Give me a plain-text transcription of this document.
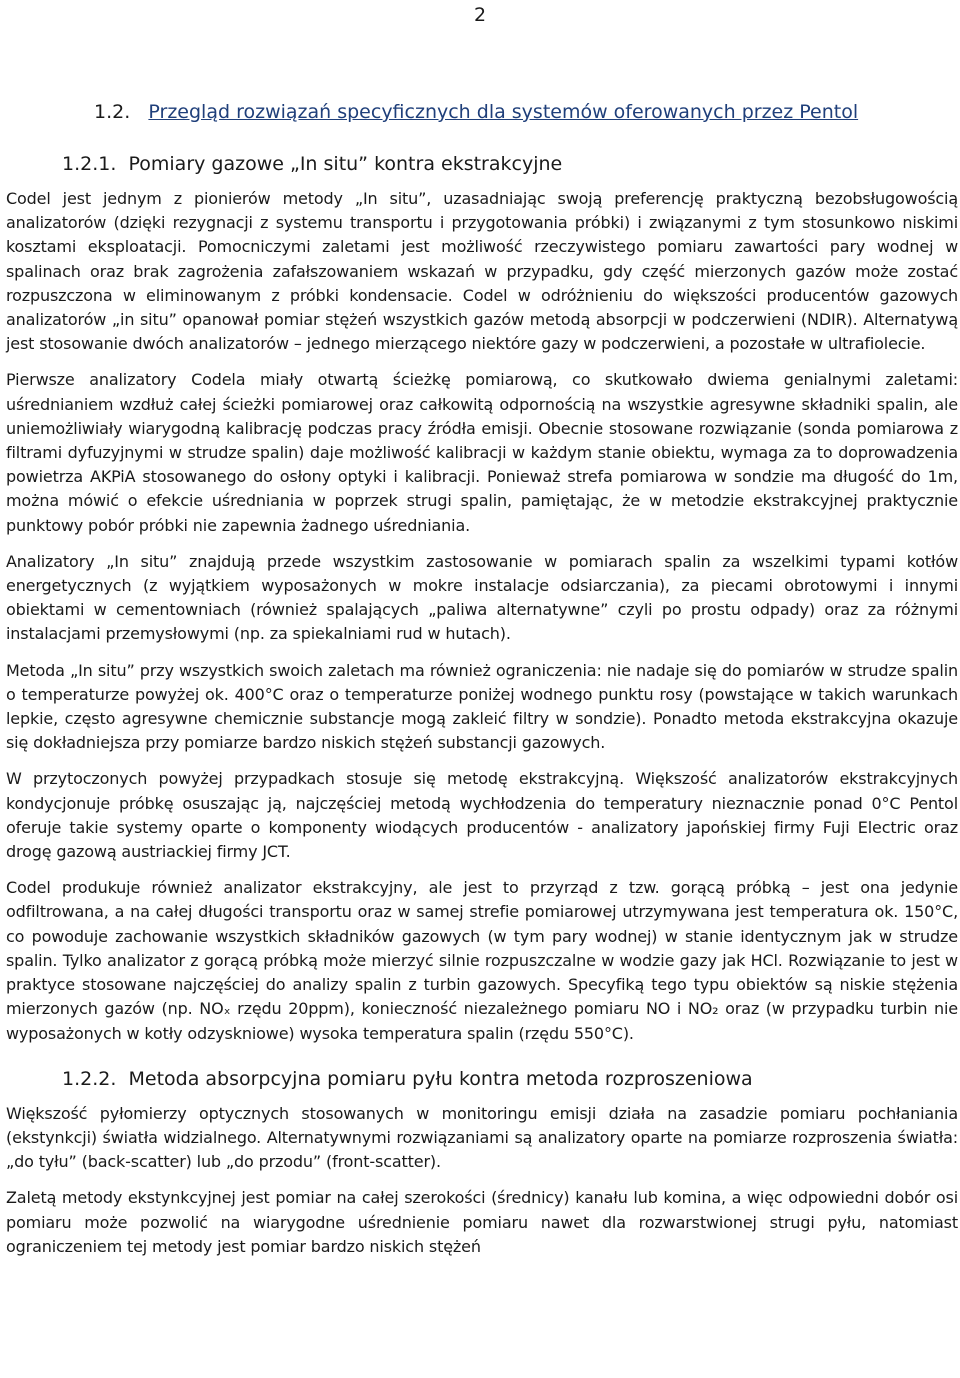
2
1.2. Przegląd rozwiązań specyficznych dla systemów oferowanych przez Pentol
1.2.1. Pomiary gazowe „In situ” kontra ekstrakcyjne

Codel jest jednym z pionierów metody „In situ”, uzasadniając swoją preferencję praktyczną bezobsługowością analizatorów (dzięki rezygnacji z systemu transportu i przygotowania próbki) i związanymi z tym stosunkowo niskimi kosztami eksploatacji. Pomocniczymi zaletami jest możliwość rzeczywistego pomiaru zawartości pary wodnej w spalinach oraz brak zagrożenia zafałszowaniem wskazań w przypadku, gdy część mierzonych gazów może zostać rozpuszczona w eliminowanym z próbki kondensacie. Codel w odróżnieniu do większości producentów gazowych analizatorów „in situ” opanował pomiar stężeń wszystkich gazów metodą absorpcji w podczerwieni (NDIR). Alternatywą jest stosowanie dwóch analizatorów – jednego mierzącego niektóre gazy w podczerwieni, a pozostałe w ultrafiolecie.

Pierwsze analizatory Codela miały otwartą ścieżkę pomiarową, co skutkowało dwiema genialnymi zaletami: uśrednianiem wzdłuż całej ścieżki pomiarowej oraz całkowitą odpornością na wszystkie agresywne składniki spalin, ale uniemożliwiały wiarygodną kalibrację podczas pracy źródła emisji. Obecnie stosowane rozwiązanie (sonda pomiarowa z filtrami dyfuzyjnymi w strudze spalin) daje możliwość kalibracji w każdym stanie obiektu, wymaga za to doprowadzenia powietrza AKPiA stosowanego do osłony optyki i kalibracji. Ponieważ strefa pomiarowa w sondzie ma długość do 1m, można mówić o efekcie uśredniania w poprzek strugi spalin, pamiętając, że w metodzie ekstrakcyjnej praktycznie punktowy pobór próbki nie zapewnia żadnego uśredniania.

Analizatory „In situ” znajdują przede wszystkim zastosowanie w pomiarach spalin za wszelkimi typami kotłów energetycznych (z wyjątkiem wyposażonych w mokre instalacje odsiarczania), za piecami obrotowymi i innymi obiektami w cementowniach (również spalających „paliwa alternatywne” czyli po prostu odpady) oraz za różnymi instalacjami przemysłowymi (np. za spiekalniami rud w hutach).

Metoda „In situ” przy wszystkich swoich zaletach ma również ograniczenia: nie nadaje się do pomiarów w strudze spalin o temperaturze powyżej ok. 400°C oraz o temperaturze poniżej wodnego punktu rosy (powstające w takich warunkach lepkie, często agresywne chemicznie substancje mogą zakleić filtry w sondzie). Ponadto metoda ekstrakcyjna okazuje się dokładniejsza przy pomiarze bardzo niskich stężeń substancji gazowych.

W przytoczonych powyżej przypadkach stosuje się metodę ekstrakcyjną. Większość analizatorów ekstrakcyjnych kondycjonuje próbkę osuszając ją, najczęściej metodą wychłodzenia do temperatury nieznacznie ponad 0°C Pentol oferuje takie systemy oparte o komponenty wiodących producentów - analizatory japońskiej firmy Fuji Electric oraz drogę gazową austriackiej firmy JCT.

Codel produkuje również analizator ekstrakcyjny, ale jest to przyrząd z tzw. gorącą próbką – jest ona jedynie odfiltrowana, a na całej długości transportu oraz w samej strefie pomiarowej utrzymywana jest temperatura ok. 150°C, co powoduje zachowanie wszystkich składników gazowych (w tym pary wodnej) w stanie identycznym jak w strudze spalin. Tylko analizator z gorącą próbką może mierzyć silnie rozpuszczalne w wodzie gazy jak HCl. Rozwiązanie to jest w praktyce stosowane najczęściej do analizy spalin z turbin gazowych. Specyfiką tego typu obiektów są niskie stężenia mierzonych gazów (np. NOₓ rzędu 20ppm), konieczność niezależnego pomiaru NO i NO₂ oraz (w przypadku turbin nie wyposażonych w kotły odzyskniowe) wysoka temperatura spalin (rzędu 550°C).

1.2.2. Metoda absorpcyjna pomiaru pyłu kontra metoda rozproszeniowa

Większość pyłomierzy optycznych stosowanych w monitoringu emisji działa na zasadzie pomiaru pochłaniania (ekstynkcji) światła widzialnego. Alternatywnymi rozwiązaniami są analizatory oparte na pomiarze rozproszenia światła: „do tyłu” (back-scatter) lub „do przodu” (front-scatter).

Zaletą metody ekstynkcyjnej jest pomiar na całej szerokości (średnicy) kanału lub komina, a więc odpowiedni dobór osi pomiaru może pozwolić na wiarygodne uśrednienie pomiaru nawet dla rozwarstwionej strugi pyłu, natomiast ograniczeniem tej metody jest pomiar bardzo niskich stężeń
